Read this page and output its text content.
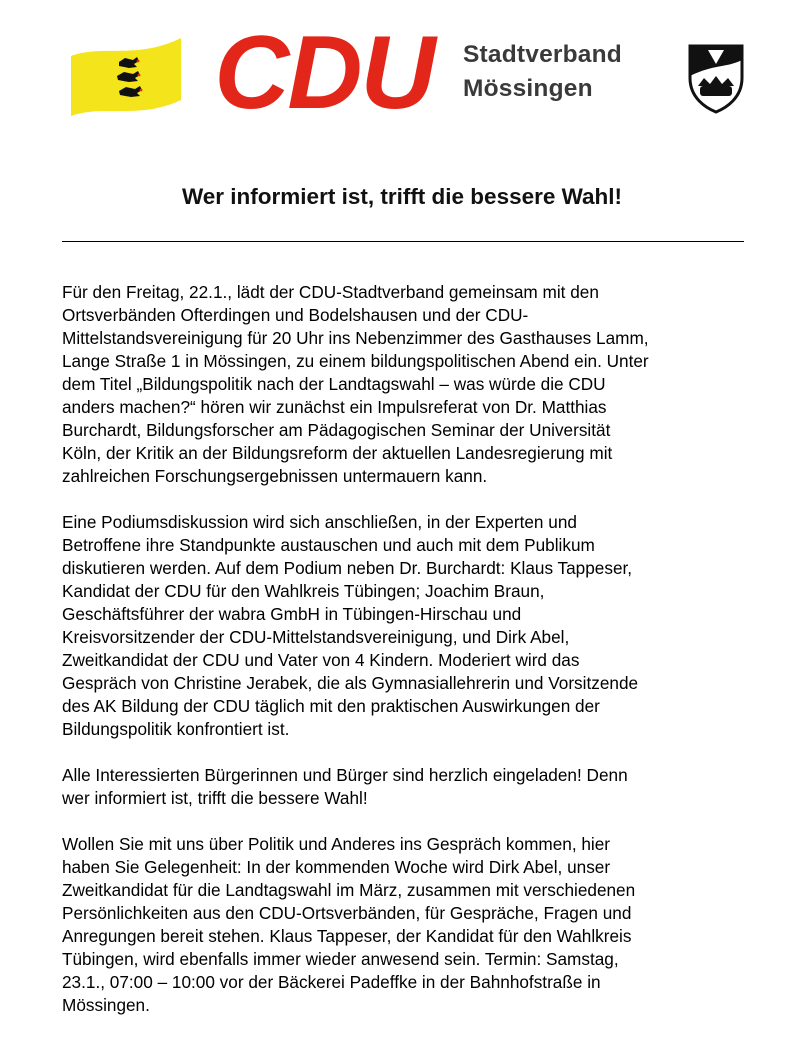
CDU Stadtverband
Mössingen
Wer informiert ist, trifft die bessere Wahl!

Für den Freitag, 22.1., lädt der CDU-Stadtverband gemeinsam mit den
Ortsverbänden Ofterdingen und Bodelshausen und der CDU-
Mittelstandsvereinigung für 20 Uhr ins Nebenzimmer des Gasthauses Lamm,
Lange Straße 1 in Mössingen, zu einem bildungspolitischen Abend ein. Unter
dem Titel „Bildungspolitik nach der Landtagswahl – was würde die CDU
anders machen?“ hören wir zunächst ein Impulsreferat von Dr. Matthias
Burchardt, Bildungsforscher am Pädagogischen Seminar der Universität
Köln, der Kritik an der Bildungsreform der aktuellen Landesregierung mit
zahlreichen Forschungsergebnissen untermauern kann.

Eine Podiumsdiskussion wird sich anschließen, in der Experten und
Betroffene ihre Standpunkte austauschen und auch mit dem Publikum
diskutieren werden. Auf dem Podium neben Dr. Burchardt: Klaus Tappeser,
Kandidat der CDU für den Wahlkreis Tübingen; Joachim Braun,
Geschäftsführer der wabra GmbH in Tübingen-Hirschau und
Kreisvorsitzender der CDU-Mittelstandsvereinigung, und Dirk Abel,
Zweitkandidat der CDU und Vater von 4 Kindern. Moderiert wird das
Gespräch von Christine Jerabek, die als Gymnasiallehrerin und Vorsitzende
des AK Bildung der CDU täglich mit den praktischen Auswirkungen der
Bildungspolitik konfrontiert ist.

Alle Interessierten Bürgerinnen und Bürger sind herzlich eingeladen! Denn
wer informiert ist, trifft die bessere Wahl!

Wollen Sie mit uns über Politik und Anderes ins Gespräch kommen, hier
haben Sie Gelegenheit: In der kommenden Woche wird Dirk Abel, unser
Zweitkandidat für die Landtagswahl im März, zusammen mit verschiedenen
Persönlichkeiten aus den CDU-Ortsverbänden, für Gespräche, Fragen und
Anregungen bereit stehen. Klaus Tappeser, der Kandidat für den Wahlkreis
Tübingen, wird ebenfalls immer wieder anwesend sein. Termin: Samstag,
23.1., 07:00 – 10:00 vor der Bäckerei Padeffke in der Bahnhofstraße in
Mössingen.
